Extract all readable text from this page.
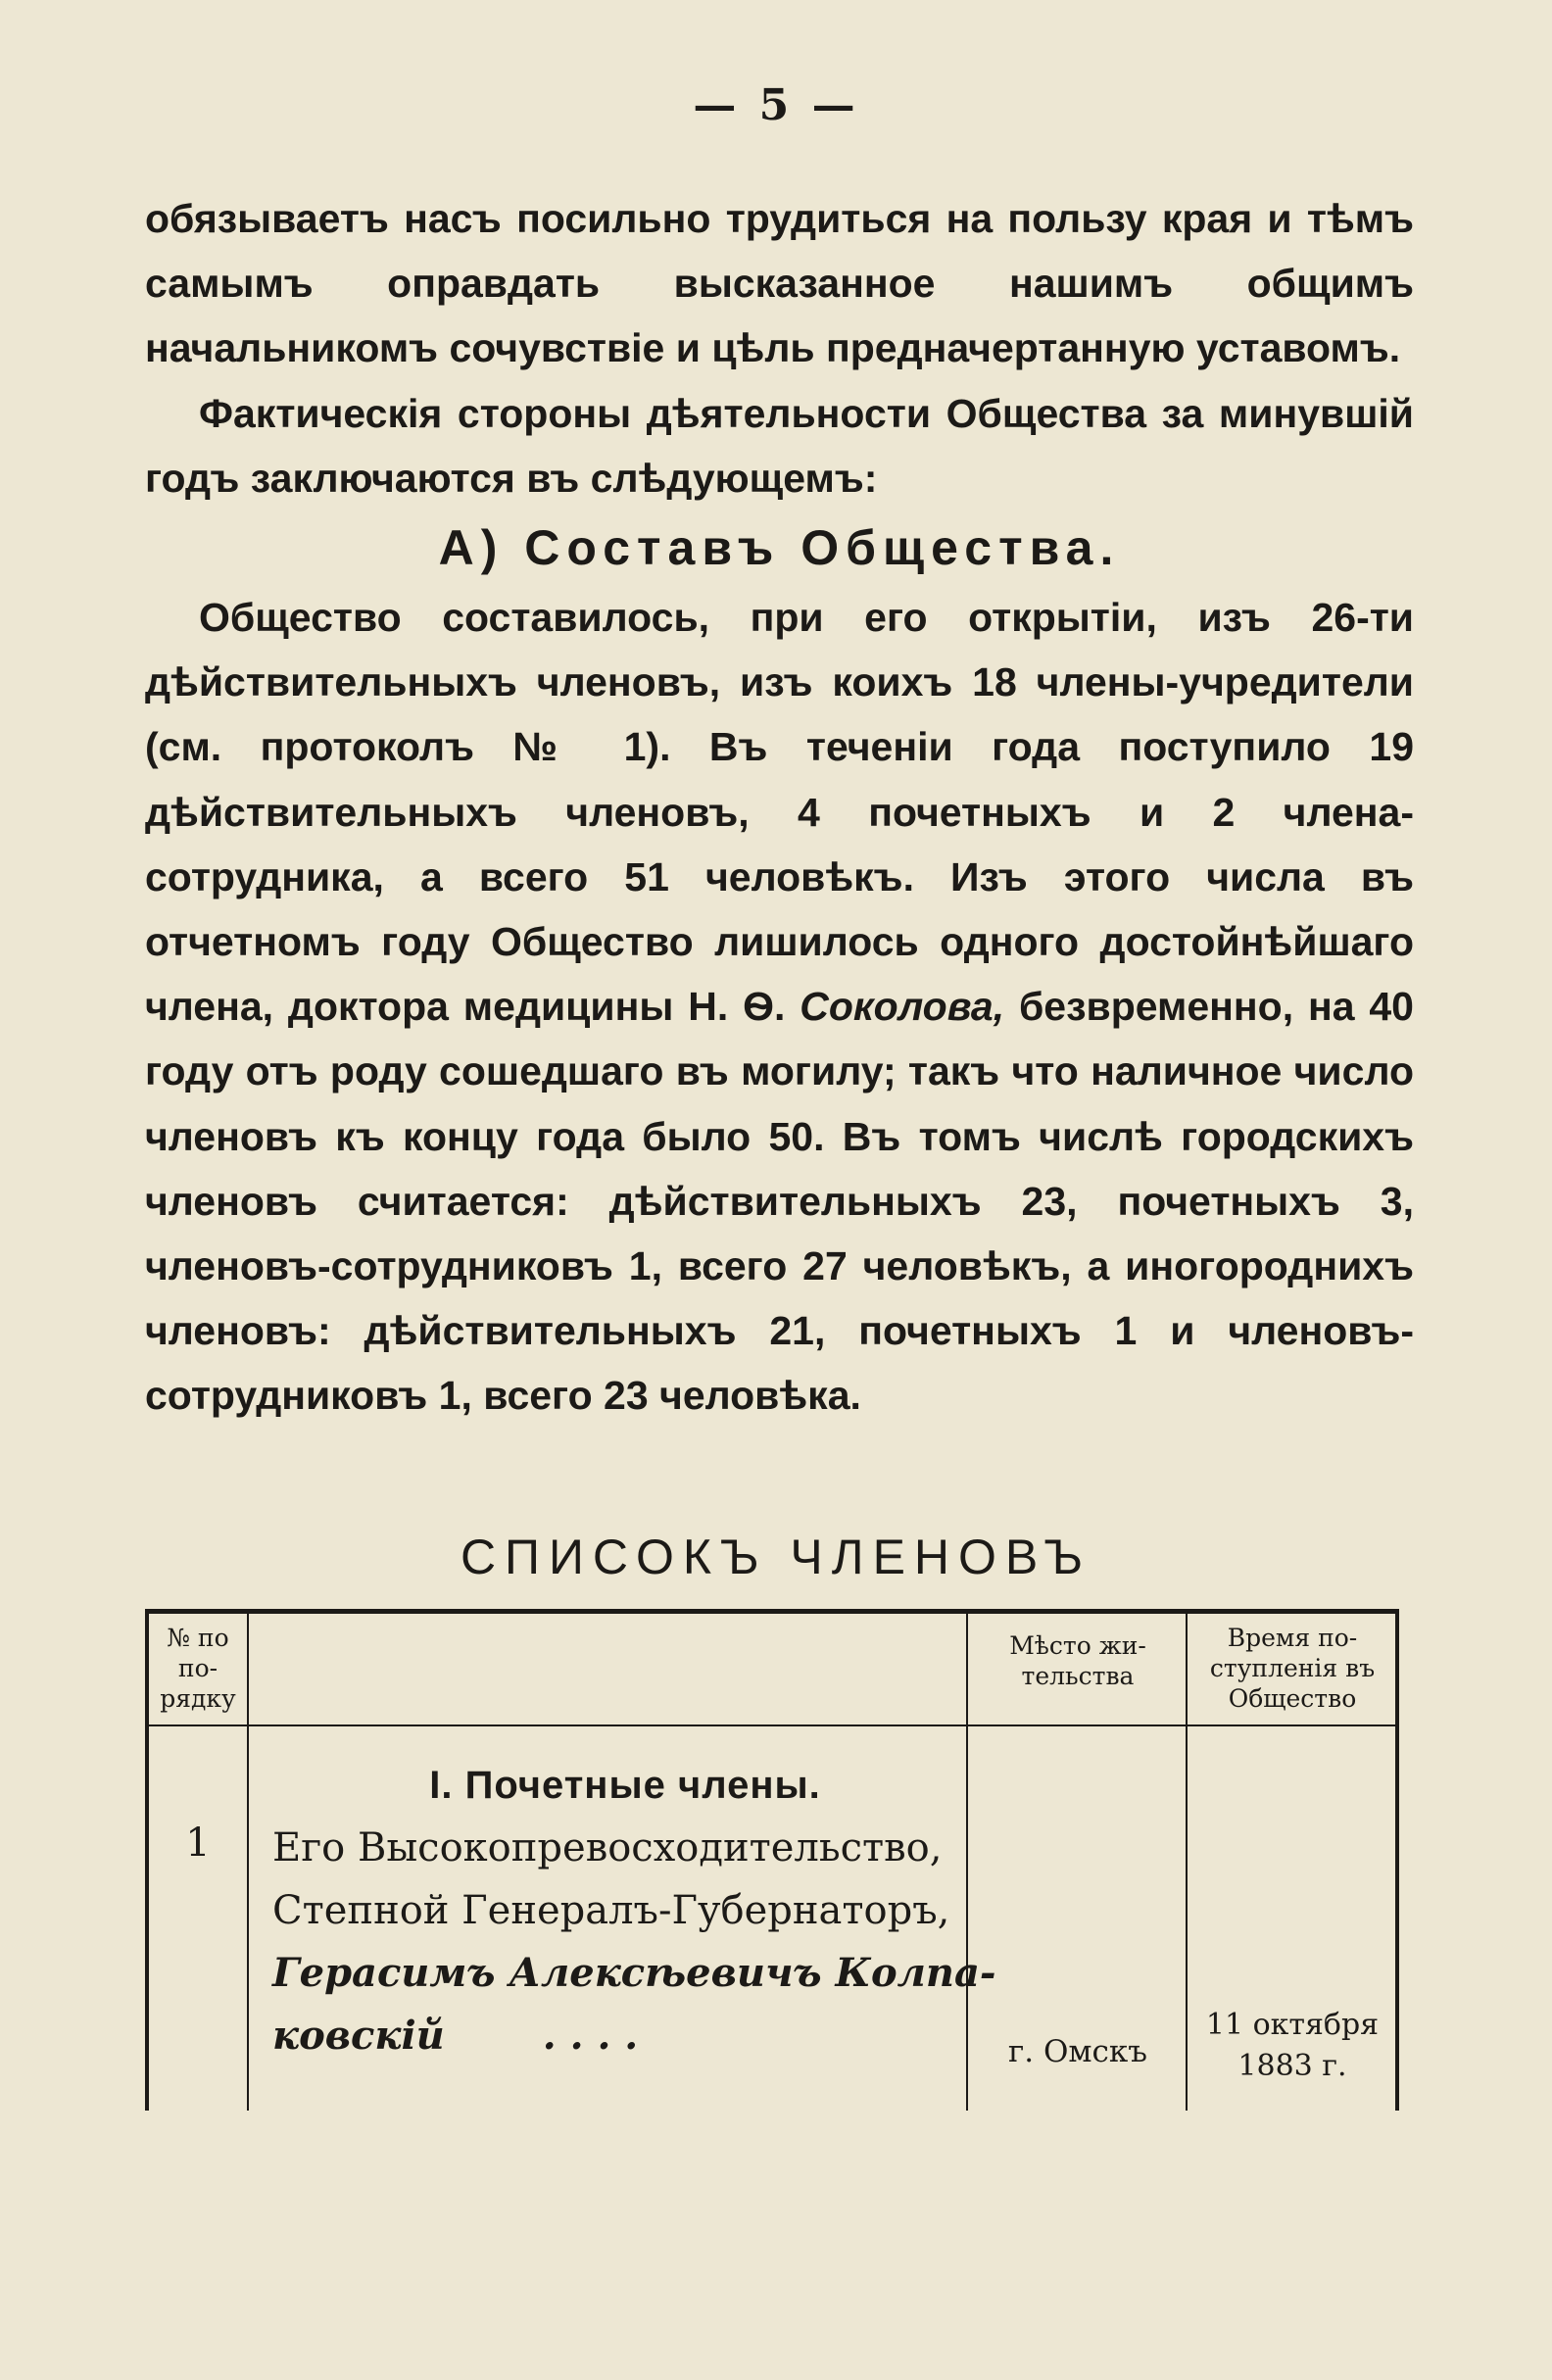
— 5 —

обязываетъ насъ посильно трудиться на пользу края и тѣмъ самымъ оправдать высказанное нашимъ общимъ начальникомъ сочувствіе и цѣль предначертанную уставомъ.

Фактическія стороны дѣятельности Общества за минувшій годъ заключаются въ слѣдующемъ:

А) Составъ Общества.

Общество составилось, при его открытіи, изъ 26-ти дѣйствительныхъ членовъ, изъ коихъ 18 члены-учредители (см. протоколъ № 1). Въ теченіи года поступило 19 дѣйствительныхъ членовъ, 4 почетныхъ и 2 члена-сотрудника, а всего 51 человѣкъ. Изъ этого числа въ отчетномъ году Общество лишилось одного достойнѣйшаго члена, доктора медицины Н. Ѳ. Соколова, безвременно, на 40 году отъ роду сошедшаго въ могилу; такъ что наличное число членовъ къ концу года было 50. Въ томъ числѣ городскихъ членовъ считается: дѣйствительныхъ 23, почетныхъ 3, членовъ-сотрудниковъ 1, всего 27 человѣкъ, а иногороднихъ членовъ: дѣйствительныхъ 21, почетныхъ 1 и членовъ-сотрудниковъ 1, всего 23 человѣка.

СПИСОКЪ ЧЛЕНОВЪ
№ по
по-
рядку
Мѣсто жи-
тельства
Время по-
ступленія въ
Общество
1
I. Почетные члены.
Его Высокопревосходительство,
Степной Генералъ-Губернаторъ,
Герасимъ Алексѣевичъ Колпа-
ковскій	. . . .	г. Омскъ
11 октября
1883 г.
